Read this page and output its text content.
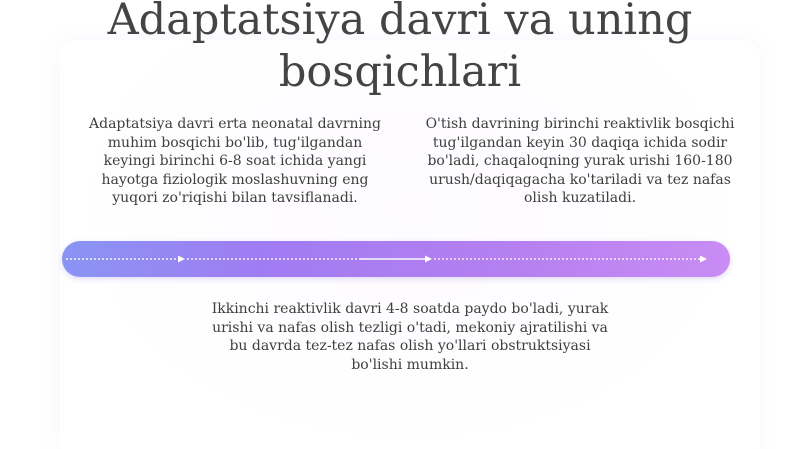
Adaptatsiya davri va uning bosqichlari

Adaptatsiya davri erta neonatal davrning muhim bosqichi bo'lib, tug'ilgandan keyingi birinchi 6-8 soat ichida yangi hayotga fiziologik moslashuvning eng yuqori zo'riqishi bilan tavsiflanadi.

O'tish davrining birinchi reaktivlik bosqichi tug'ilgandan keyin 30 daqiqa ichida sodir bo'ladi, chaqaloqning yurak urishi 160-180 urush/daqiqagacha ko'tariladi va tez nafas olish kuzatiladi.

Ikkinchi reaktivlik davri 4-8 soatda paydo bo'ladi, yurak urishi va nafas olish tezligi o'tadi, mekoniy ajratilishi va bu davrda tez-tez nafas olish yo'llari obstruktsiyasi bo'lishi mumkin.
